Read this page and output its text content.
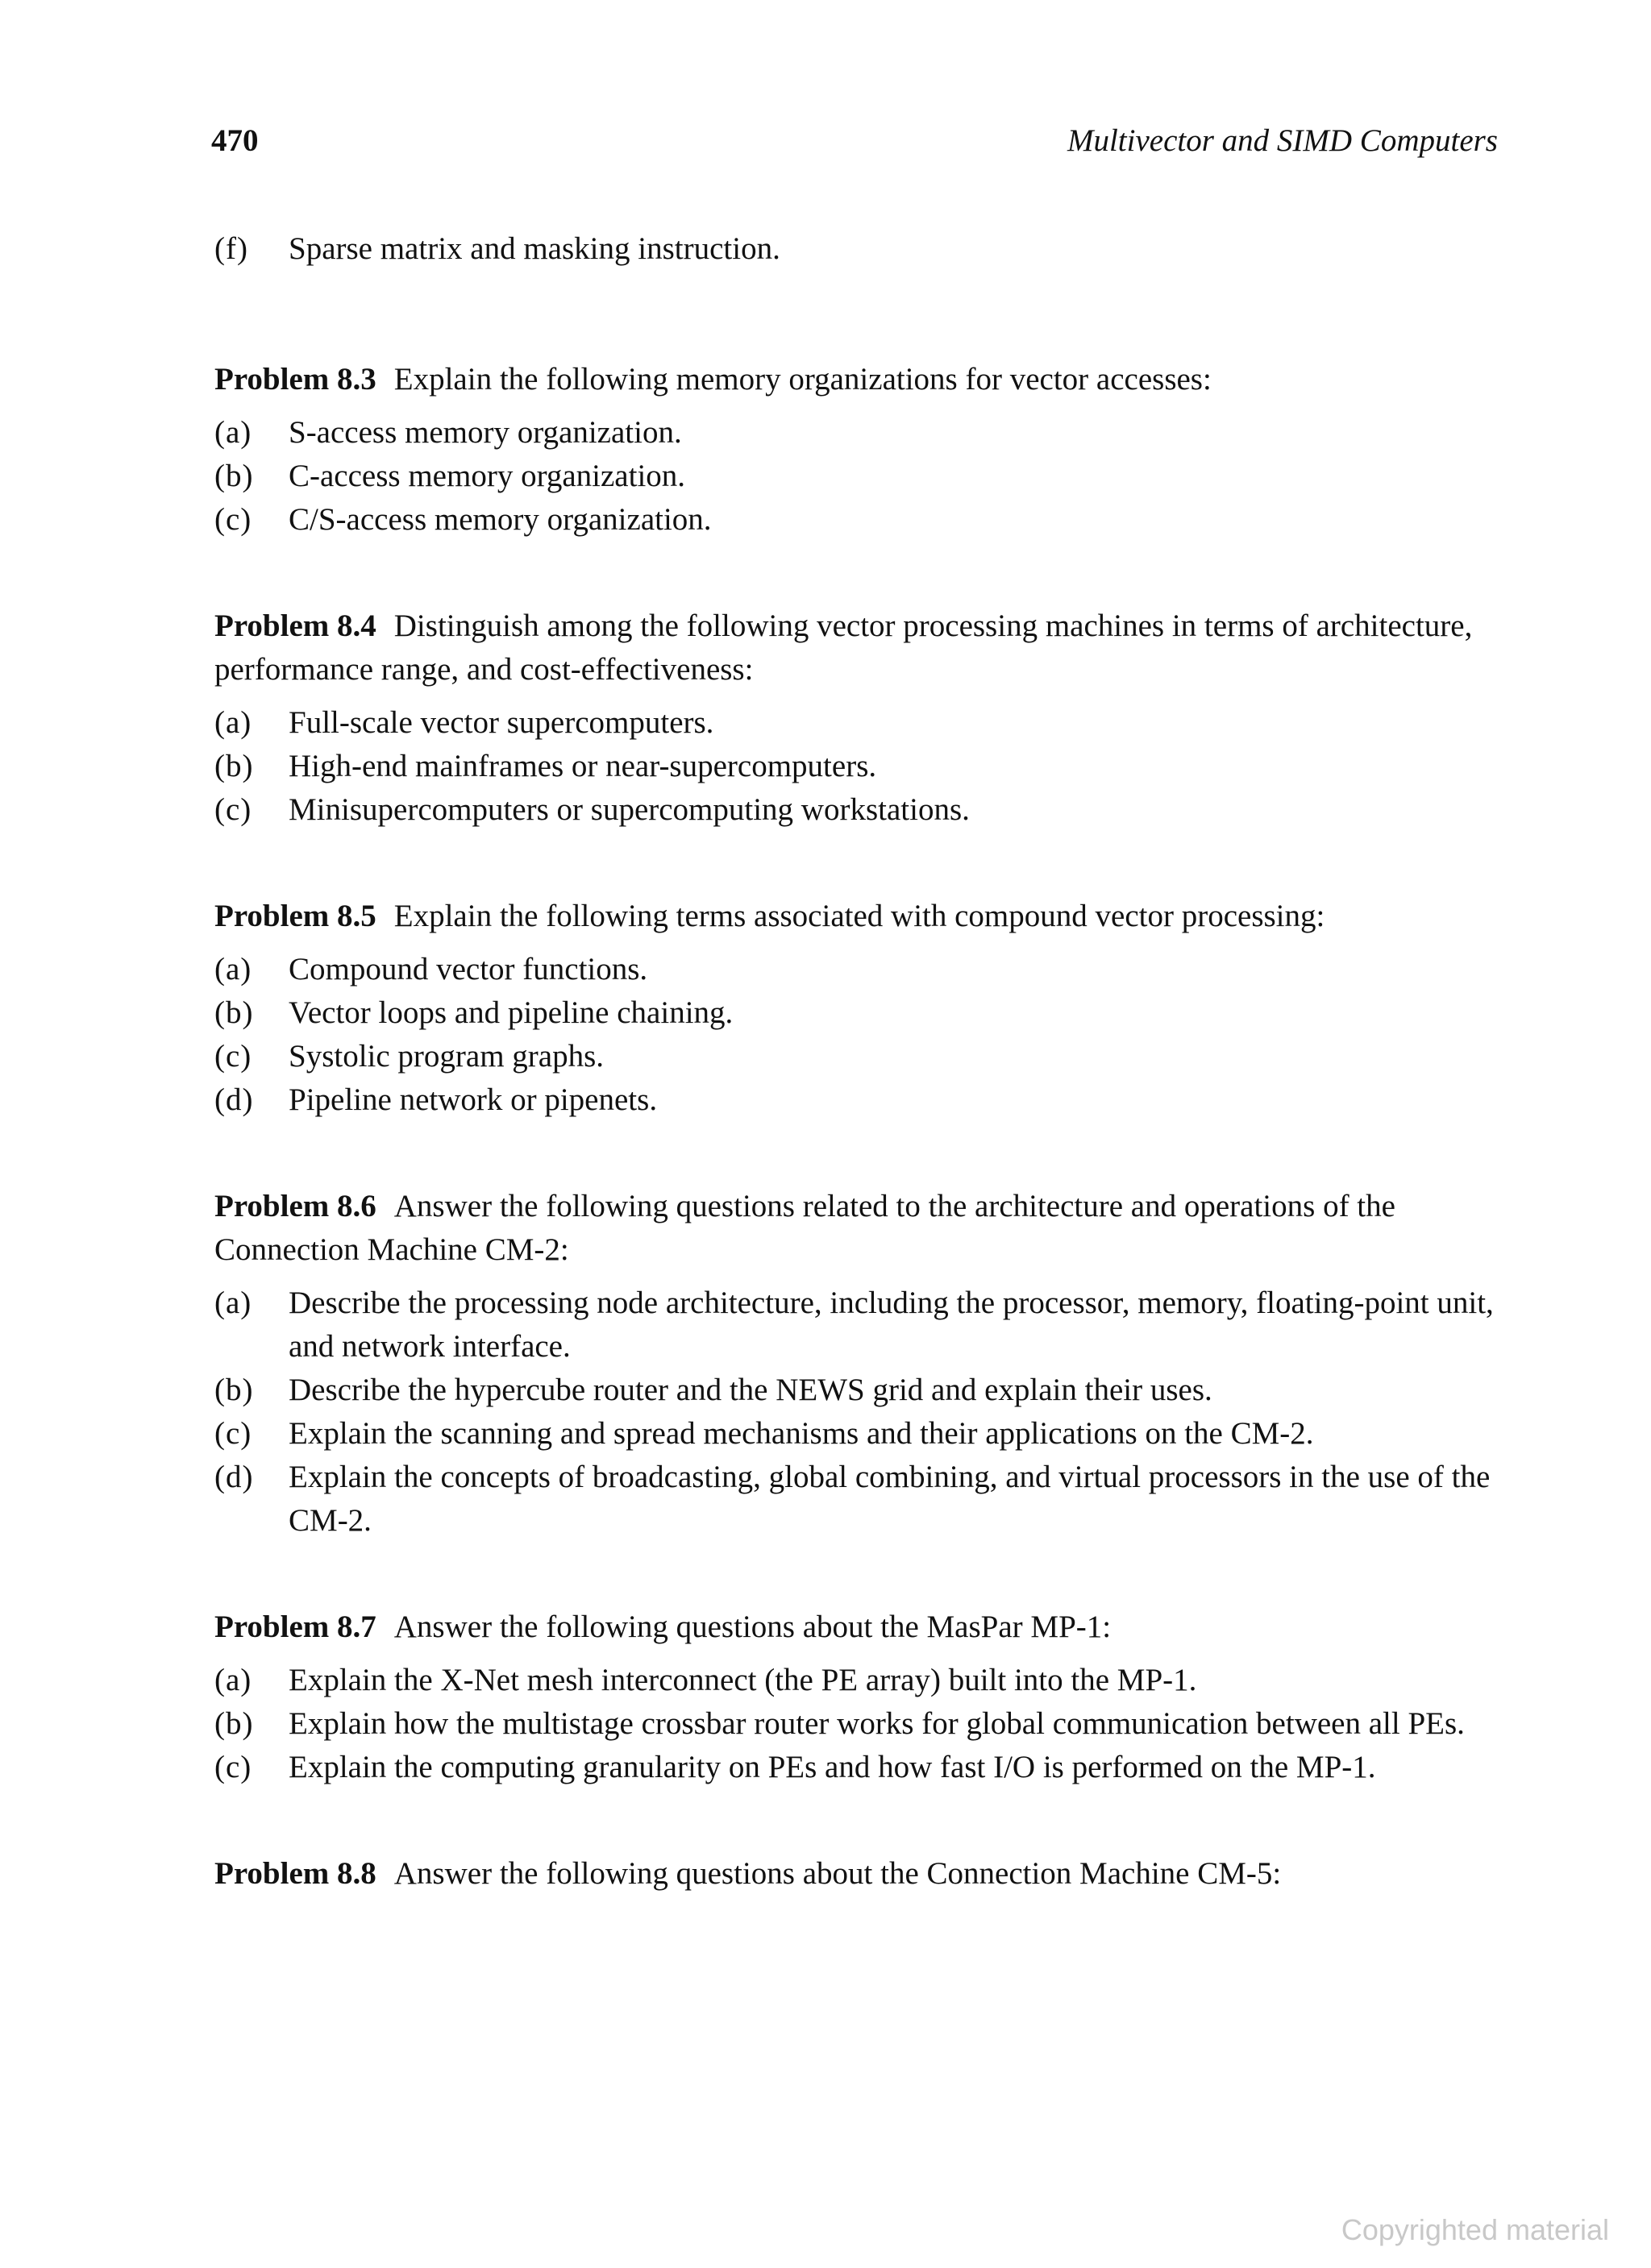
470	Multivector and SIMD Computers
(f)	Sparse matrix and masking instruction.

Problem 8.3 Explain the following memory organizations for vector accesses:

(a)	S-access memory organization.
(b)	C-access memory organization.
(c)	C/S-access memory organization.

Problem 8.4 Distinguish among the following vector processing machines in terms of architecture, performance range, and cost-effectiveness:

(a)	Full-scale vector supercomputers.
(b)	High-end mainframes or near-supercomputers.
(c)	Minisupercomputers or supercomputing workstations.

Problem 8.5 Explain the following terms associated with compound vector processing:

(a)	Compound vector functions.
(b)	Vector loops and pipeline chaining.
(c)	Systolic program graphs.
(d)	Pipeline network or pipenets.

Problem 8.6 Answer the following questions related to the architecture and operations of the Connection Machine CM-2:

(a)	Describe the processing node architecture, including the processor, memory, floating-point unit, and network interface.
(b)	Describe the hypercube router and the NEWS grid and explain their uses.
(c)	Explain the scanning and spread mechanisms and their applications on the CM-2.
(d)	Explain the concepts of broadcasting, global combining, and virtual processors in the use of the CM-2.

Problem 8.7 Answer the following questions about the MasPar MP-1:

(a)	Explain the X-Net mesh interconnect (the PE array) built into the MP-1.
(b)	Explain how the multistage crossbar router works for global communication between all PEs.
(c)	Explain the computing granularity on PEs and how fast I/O is performed on the MP-1.

Problem 8.8 Answer the following questions about the Connection Machine CM-5:

Copyrighted material
